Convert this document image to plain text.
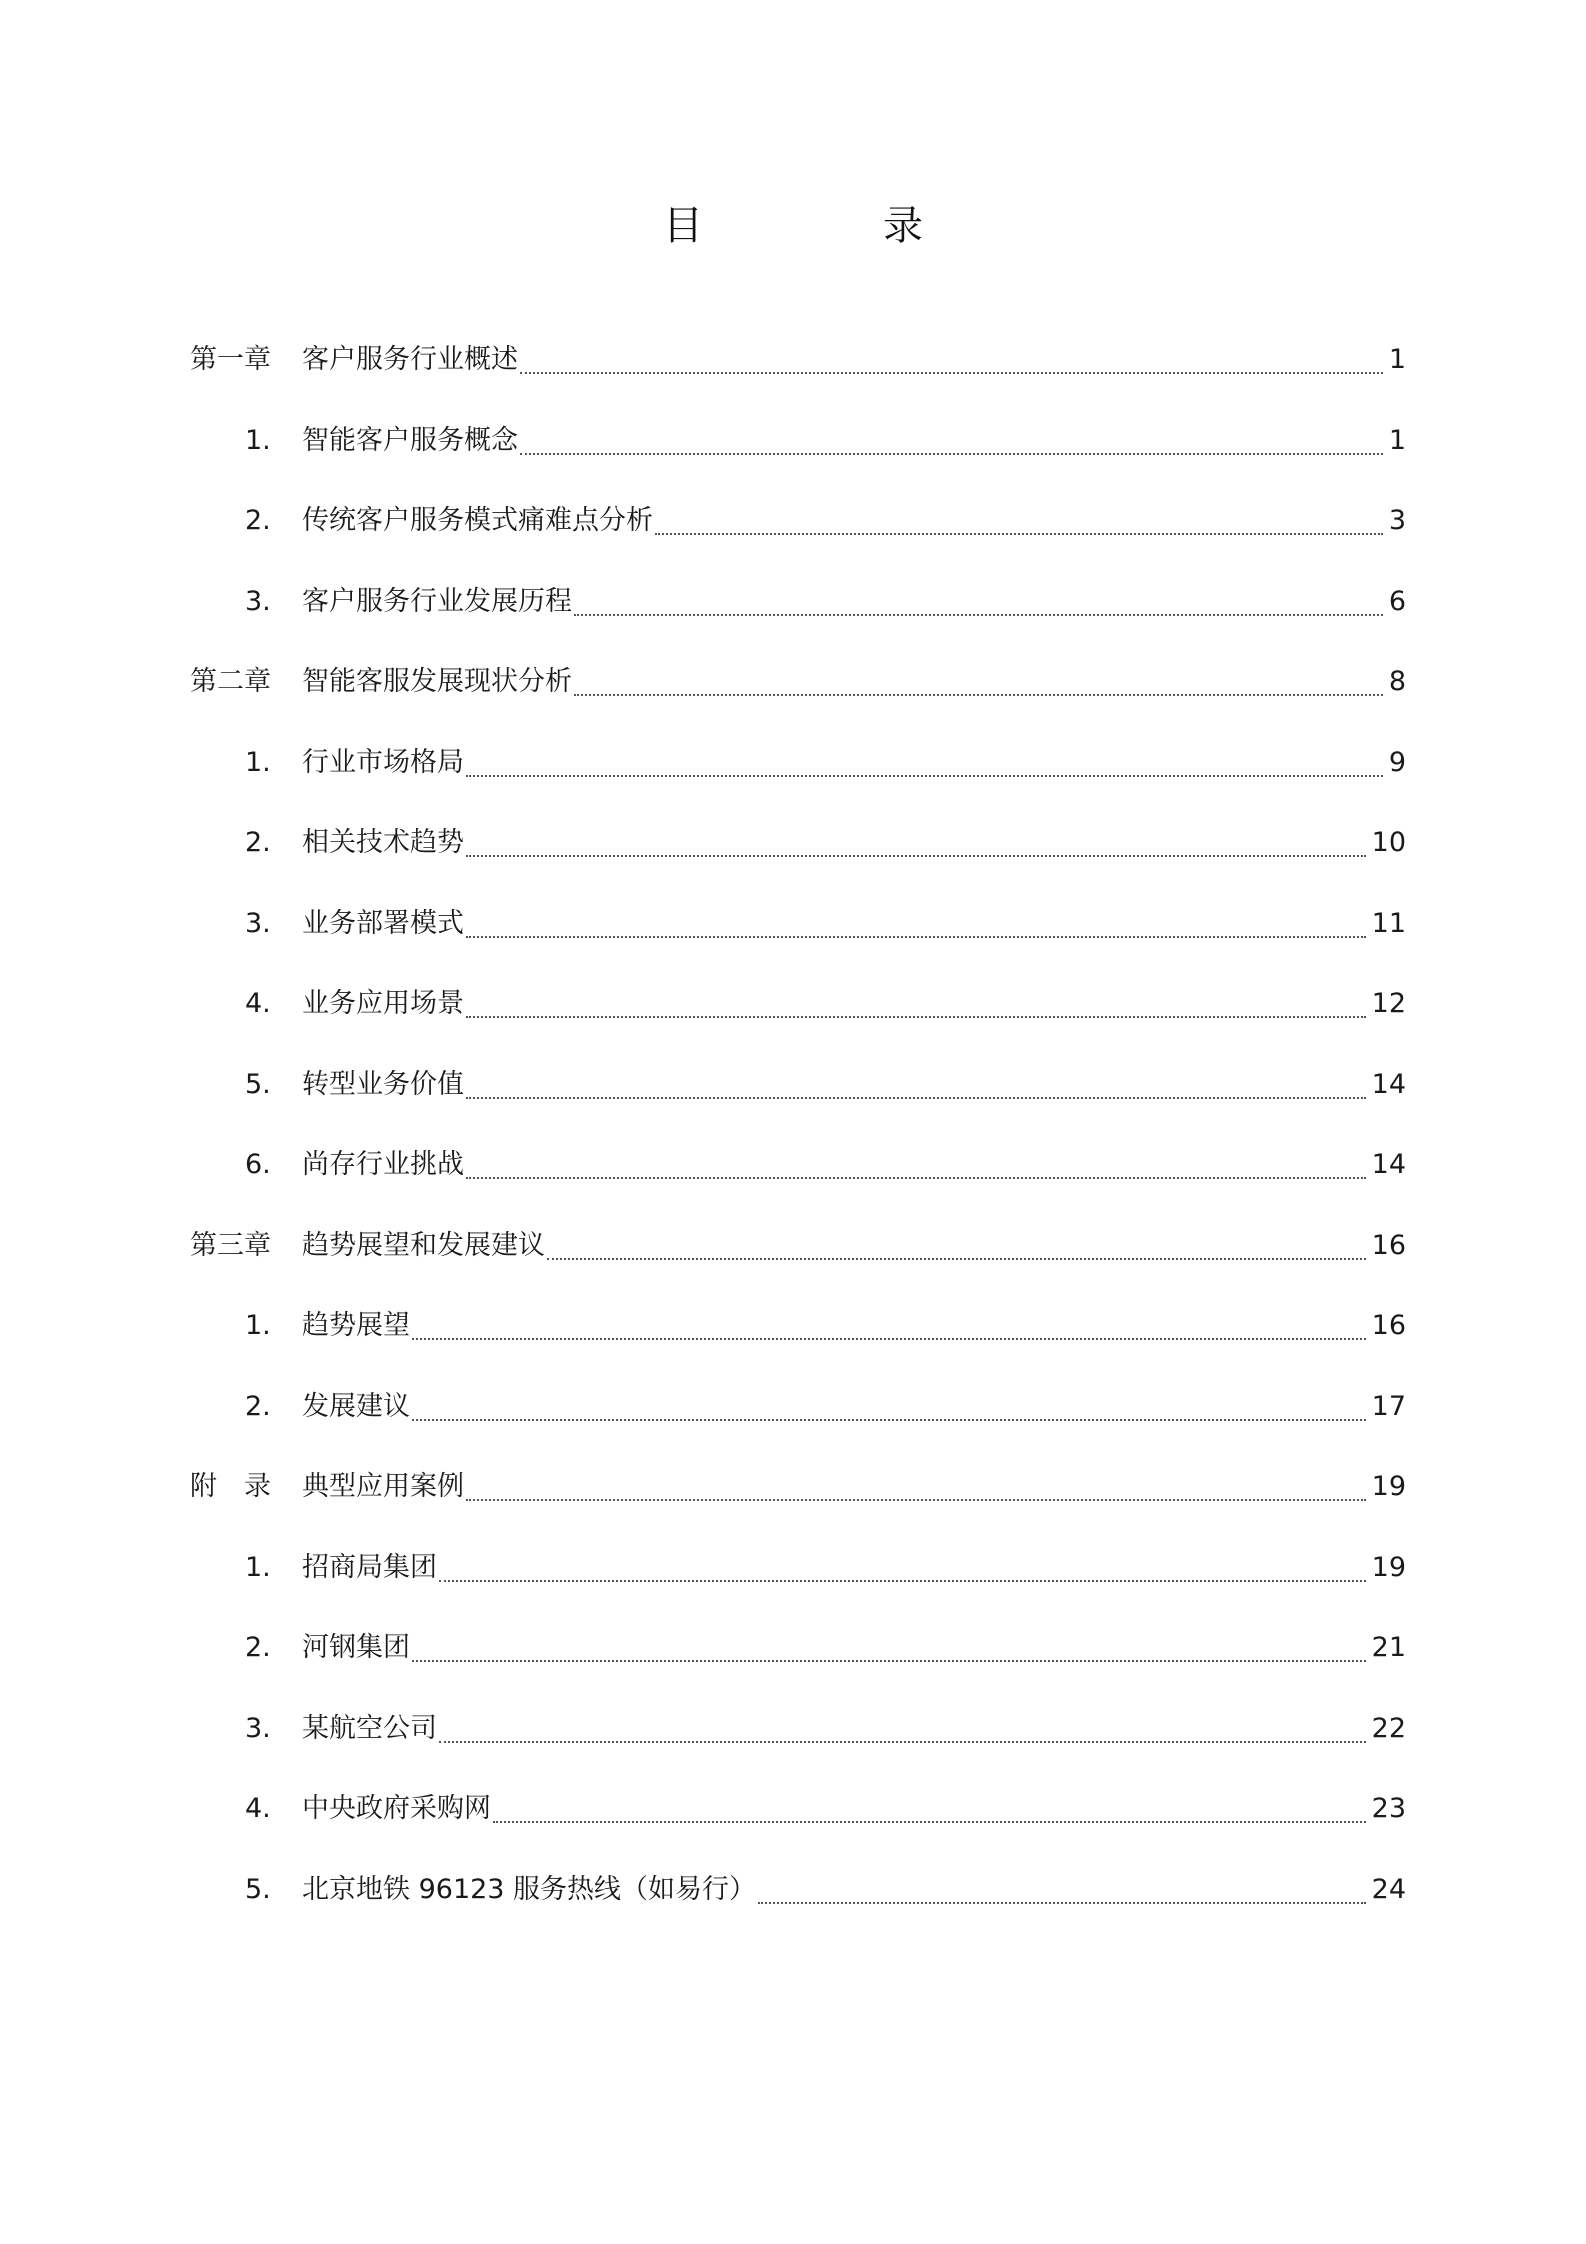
目　录
第一章 客户服务行业概述	1
1. 智能客户服务概念	1
2. 传统客户服务模式痛难点分析	3
3. 客户服务行业发展历程	6
第二章 智能客服发展现状分析	8
1. 行业市场格局	9
2. 相关技术趋势	10
3. 业务部署模式	11
4. 业务应用场景	12
5. 转型业务价值	14
6. 尚存行业挑战	14
第三章 趋势展望和发展建议	16
1. 趋势展望	16
2. 发展建议	17
附　录 典型应用案例	19
1. 招商局集团	19
2. 河钢集团	21
3. 某航空公司	22
4. 中央政府采购网	23
5. 北京地铁 96123 服务热线（如易行）	24
